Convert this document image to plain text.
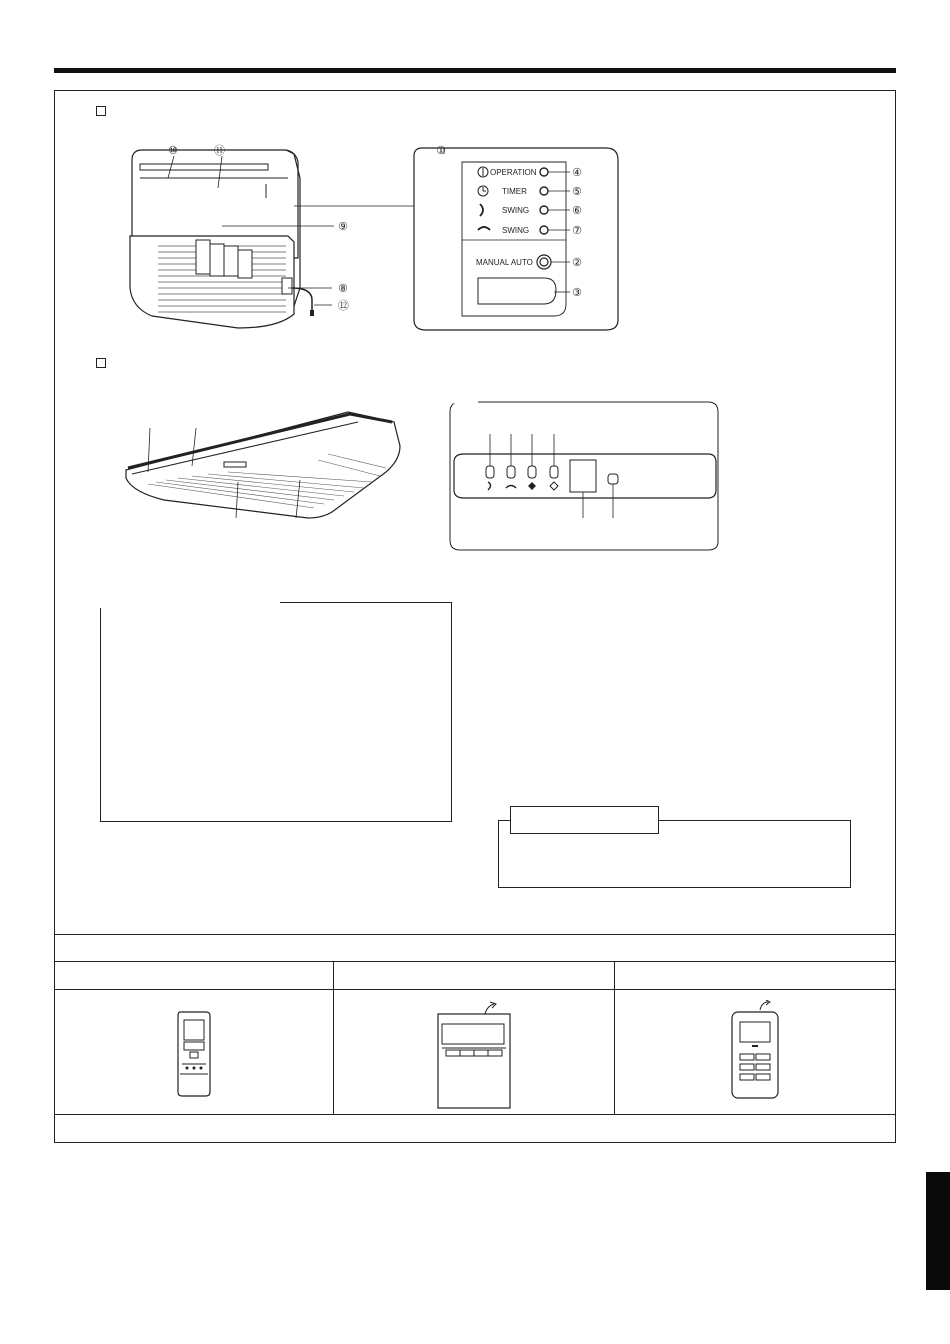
⑩	⑪
⑨
⑧
⑫
OPERATION
TIMER
SWING
SWING
MANUAL AUTO
①
④
⑤
⑥
⑦
②
③
